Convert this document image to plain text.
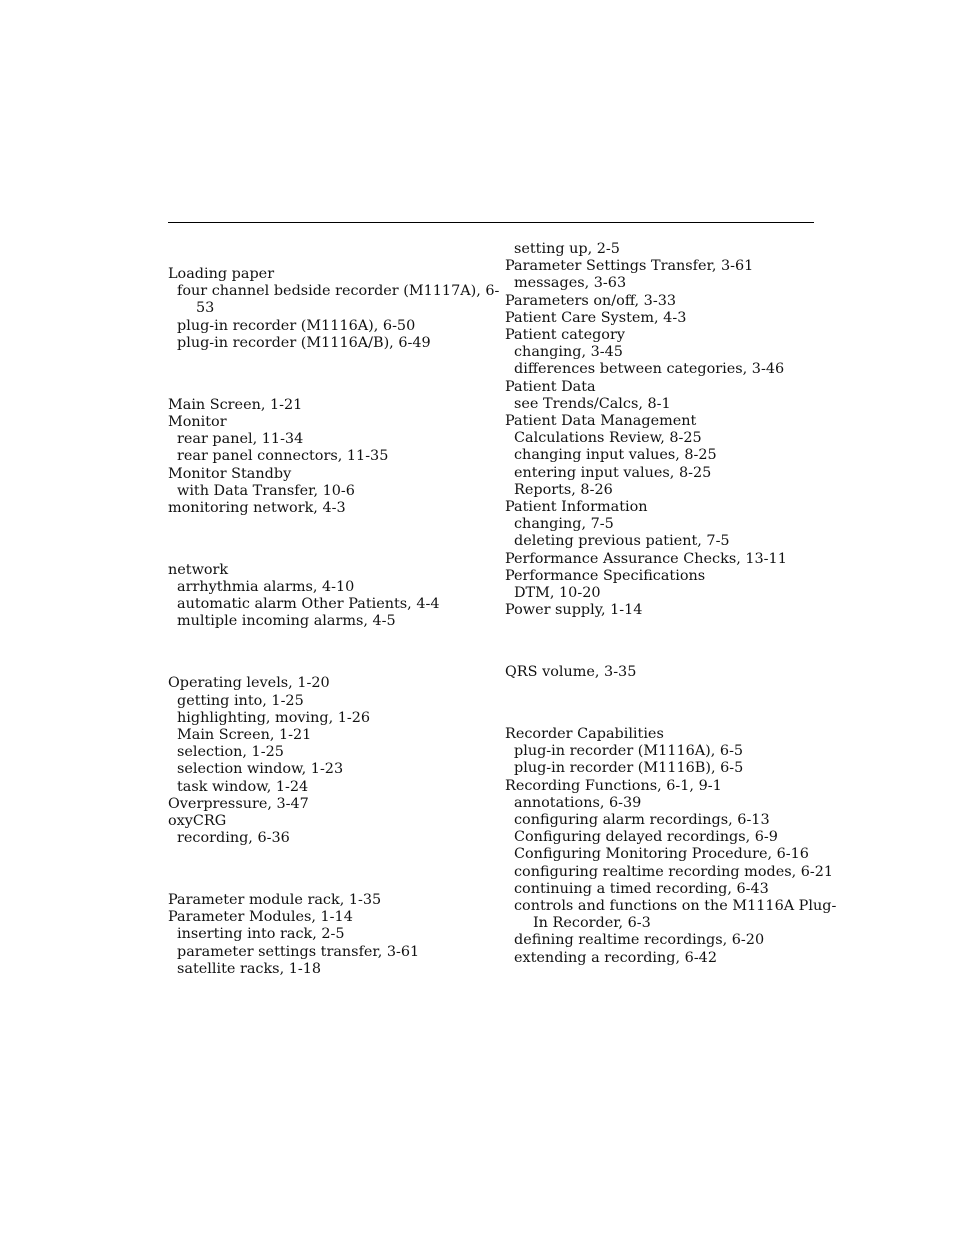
Loading paper
four channel bedside recorder (M1117A), 6-
53
plug-in recorder (M1116A), 6-50
plug-in recorder (M1116A/B), 6-49
Main Screen, 1-21
Monitor
rear panel, 11-34
rear panel connectors, 11-35
Monitor Standby
with Data Transfer, 10-6
monitoring network, 4-3
network
arrhythmia alarms, 4-10
automatic alarm Other Patients, 4-4
multiple incoming alarms, 4-5
Operating levels, 1-20
getting into, 1-25
highlighting, moving, 1-26
Main Screen, 1-21
selection, 1-25
selection window, 1-23
task window, 1-24
Overpressure, 3-47
oxyCRG
recording, 6-36
Parameter module rack, 1-35
Parameter Modules, 1-14
inserting into rack, 2-5
parameter settings transfer, 3-61
satellite racks, 1-18
setting up, 2-5
Parameter Settings Transfer, 3-61
messages, 3-63
Parameters on/off, 3-33
Patient Care System, 4-3
Patient category
changing, 3-45
differences between categories, 3-46
Patient Data
see Trends/Calcs, 8-1
Patient Data Management
Calculations Review, 8-25
changing input values, 8-25
entering input values, 8-25
Reports, 8-26
Patient Information
changing, 7-5
deleting previous patient, 7-5
Performance Assurance Checks, 13-11
Performance Specifications
DTM, 10-20
Power supply, 1-14
QRS volume, 3-35
Recorder Capabilities
plug-in recorder (M1116A), 6-5
plug-in recorder (M1116B), 6-5
Recording Functions, 6-1, 9-1
annotations, 6-39
configuring alarm recordings, 6-13
Configuring delayed recordings, 6-9
Configuring Monitoring Procedure, 6-16
configuring realtime recording modes, 6-21
continuing a timed recording, 6-43
controls and functions on the M1116A Plug-
In Recorder, 6-3
defining realtime recordings, 6-20
extending a recording, 6-42
